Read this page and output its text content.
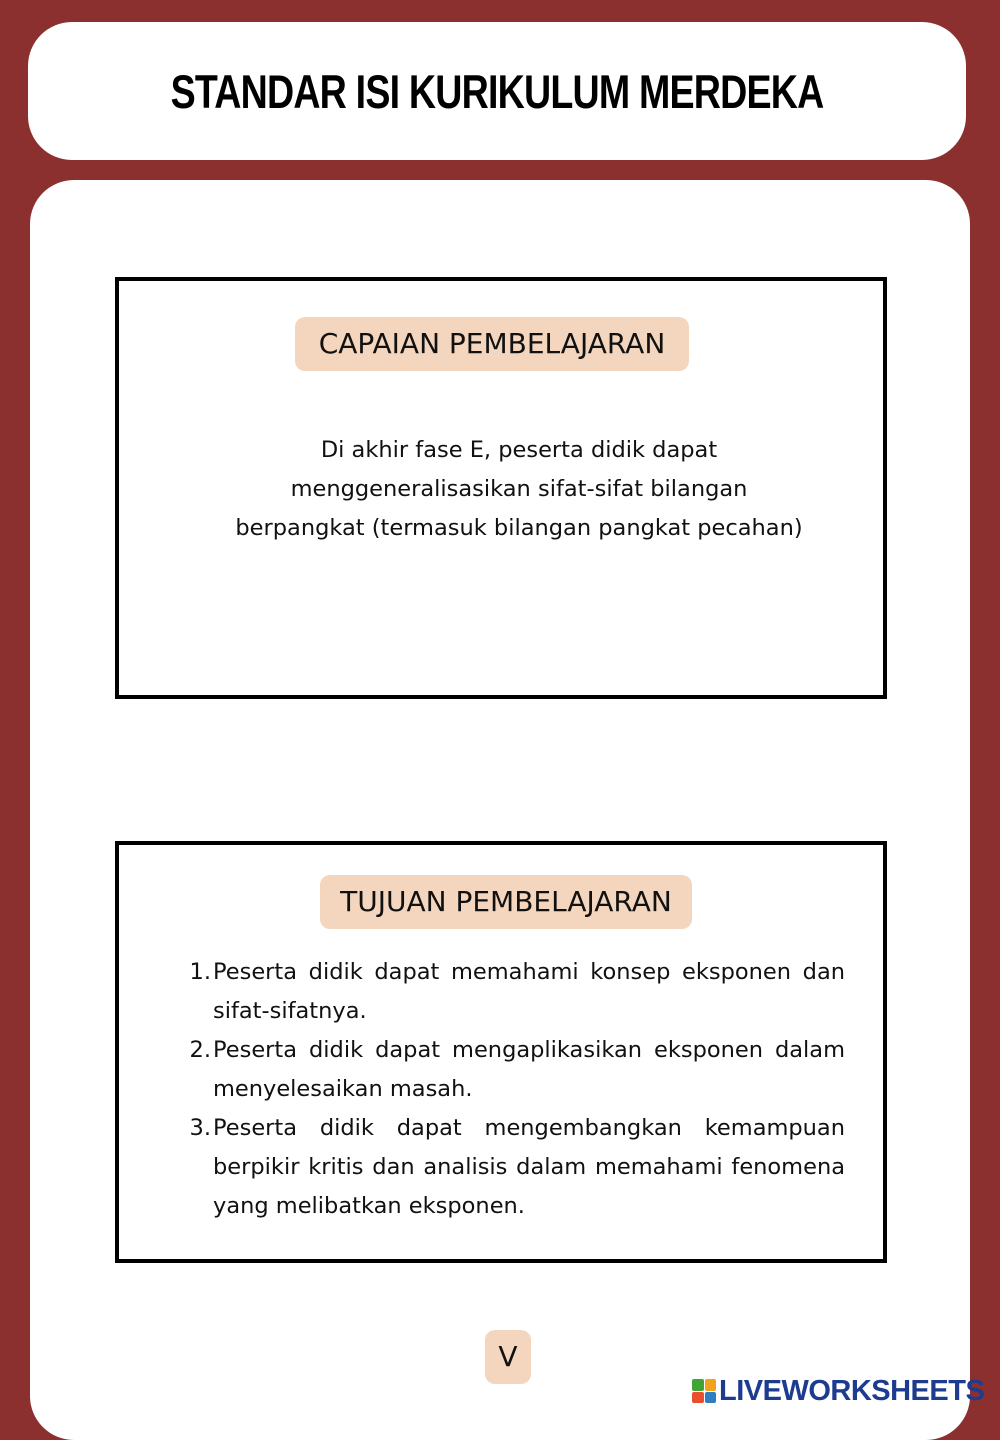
STANDAR ISI KURIKULUM MERDEKA
CAPAIAN PEMBELAJARAN
Di akhir fase E, peserta didik dapat
menggeneralisasikan sifat-sifat bilangan
berpangkat (termasuk bilangan pangkat pecahan)
TUJUAN PEMBELAJARAN
1. Peserta didik dapat memahami konsep eksponen dan sifat-sifatnya.
2. Peserta didik dapat mengaplikasikan eksponen dalam menyelesaikan masah.
3. Peserta didik dapat mengembangkan kemampuan berpikir kritis dan analisis dalam memahami fenomena yang melibatkan eksponen.
V
LIVEWORKSHEETS
